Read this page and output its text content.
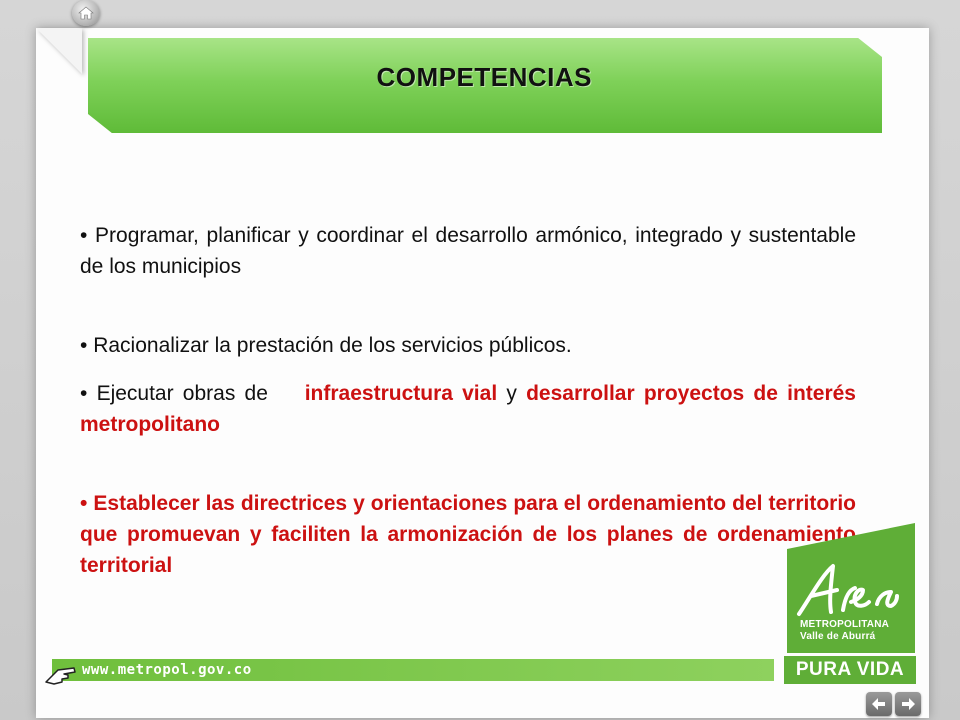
COMPETENCIAS

• Programar, planificar y coordinar el desarrollo armónico, integrado y sustentable de los municipios

• Racionalizar la prestación de los servicios públicos.

• Ejecutar obras de infraestructura vial y desarrollar proyectos de interés metropolitano

• Establecer las directrices y orientaciones para el ordenamiento del territorio que promuevan y faciliten la armonización de los planes de ordenamiento territorial

www.metropol.gov.co
METROPOLITANA
Valle de Aburrá
PURA VIDA
